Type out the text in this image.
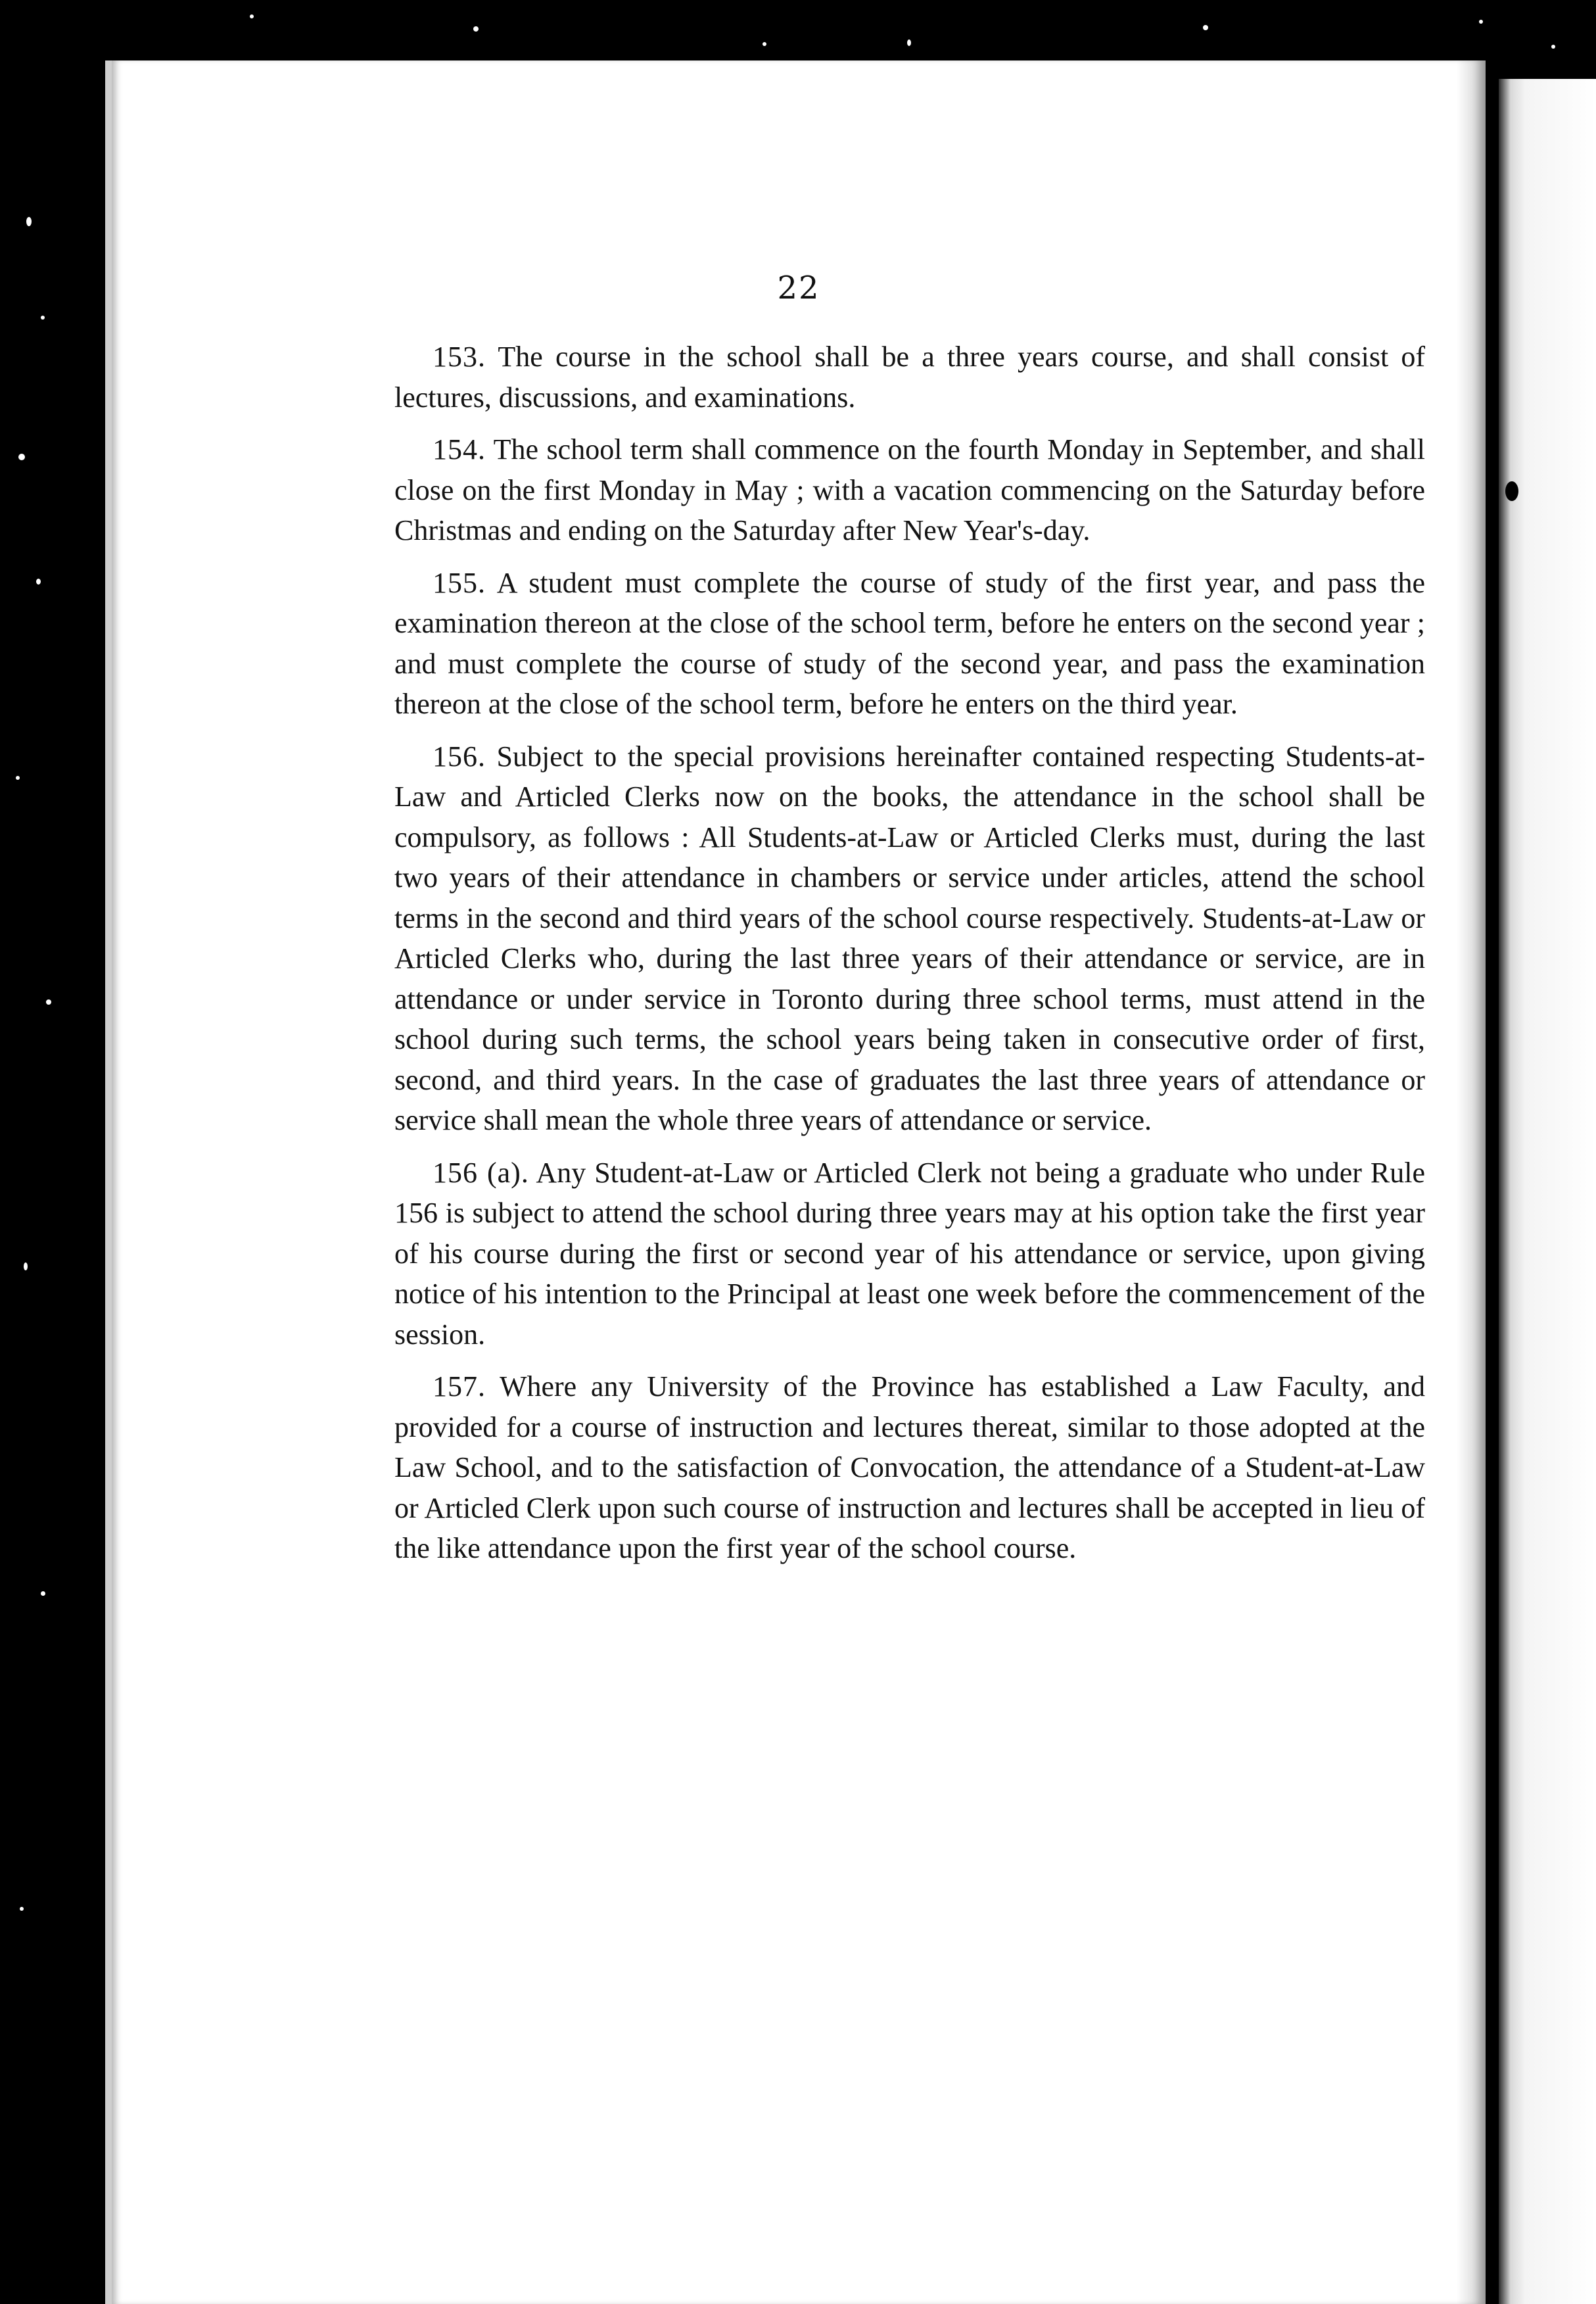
22

153. The course in the school shall be a three years course, and shall consist of lectures, discussions, and examinations.

154. The school term shall commence on the fourth Monday in September, and shall close on the first Monday in May ; with a vacation commencing on the Saturday before Christmas and ending on the Saturday after New Year's-day.

155. A student must complete the course of study of the first year, and pass the examination thereon at the close of the school term, before he enters on the second year ; and must complete the course of study of the second year, and pass the examination thereon at the close of the school term, before he enters on the third year.

156. Subject to the special provisions hereinafter contained respecting Students-at-Law and Articled Clerks now on the books, the attendance in the school shall be compulsory, as follows : All Students-at-Law or Articled Clerks must, during the last two years of their attendance in chambers or service under articles, attend the school terms in the second and third years of the school course respectively. Students-at-Law or Articled Clerks who, during the last three years of their attendance or service, are in attendance or under service in Toronto during three school terms, must attend in the school during such terms, the school years being taken in consecutive order of first, second, and third years. In the case of graduates the last three years of attendance or service shall mean the whole three years of attendance or service.

156 (a). Any Student-at-Law or Articled Clerk not being a graduate who under Rule 156 is subject to attend the school during three years may at his option take the first year of his course during the first or second year of his attendance or service, upon giving notice of his intention to the Principal at least one week before the commencement of the session.

157. Where any University of the Province has established a Law Faculty, and provided for a course of instruction and lectures thereat, similar to those adopted at the Law School, and to the satisfaction of Convocation, the attendance of a Student-at-Law or Articled Clerk upon such course of instruction and lectures shall be accepted in lieu of the like attendance upon the first year of the school course.
